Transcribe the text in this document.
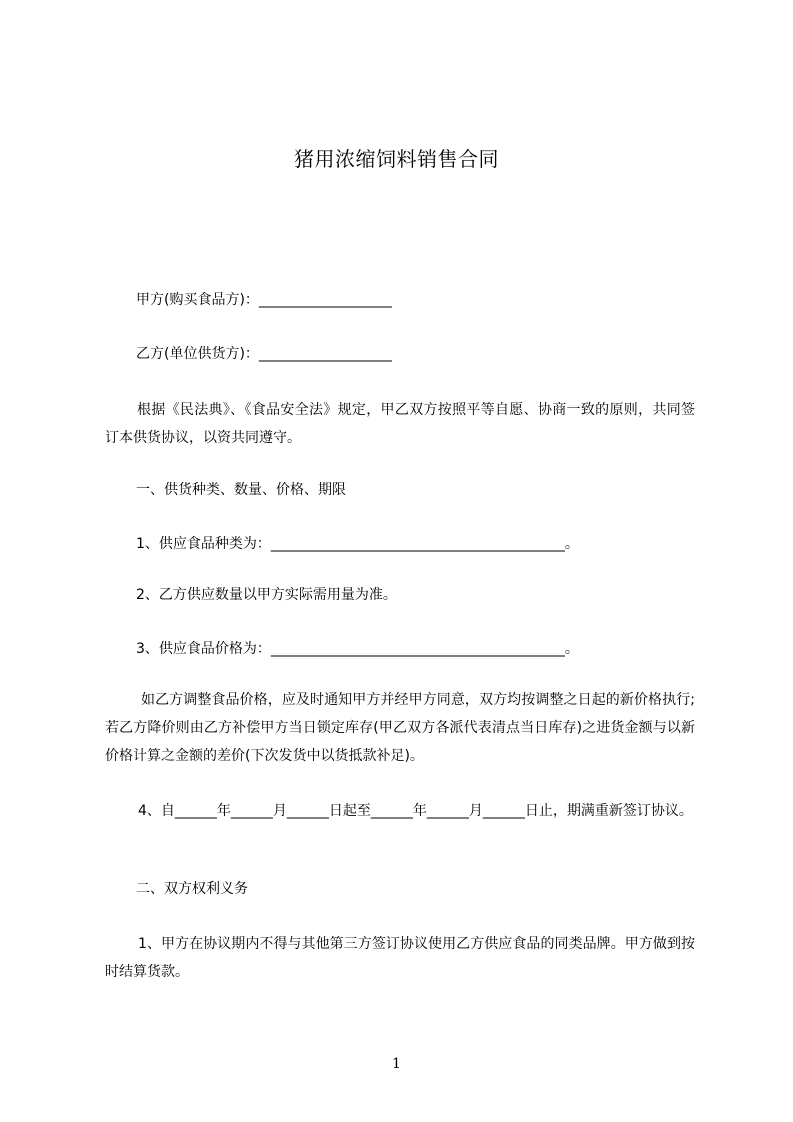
猪用浓缩饲料销售合同
甲方(购买食品方)：___________________
乙方(单位供货方)：___________________
根据《民法典》、《食品安全法》规定，甲乙双方按照平等自愿、协商一致的原则，共同签订本供货协议，以资共同遵守。
一、供货种类、数量、价格、期限
1、供应食品种类为：__________________________________________。
2、乙方供应数量以甲方实际需用量为准。
3、供应食品价格为：__________________________________________。
如乙方调整食品价格，应及时通知甲方并经甲方同意，双方均按调整之日起的新价格执行;若乙方降价则由乙方补偿甲方当日锁定库存(甲乙双方各派代表清点当日库存)之进货金额与以新价格计算之金额的差价(下次发货中以货抵款补足)。
4、自______年______月______日起至______年______月______日止，期满重新签订协议。
二、双方权利义务
1、甲方在协议期内不得与其他第三方签订协议使用乙方供应食品的同类品牌。甲方做到按时结算货款。
1
